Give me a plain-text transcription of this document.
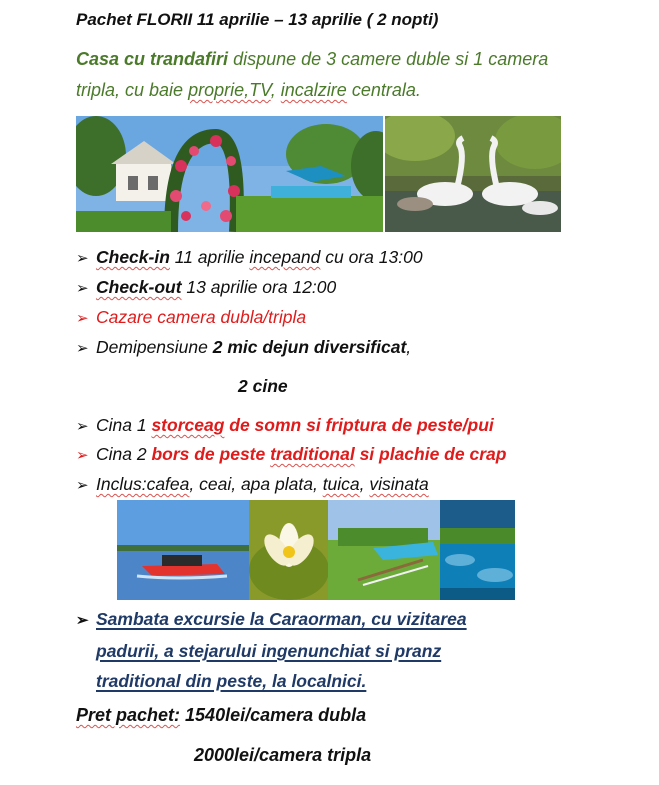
Pachet FLORII 11 aprilie – 13 aprilie ( 2 nopti)
Casa cu trandafiri dispune de 3 camere duble si 1 camera tripla, cu baie proprie,TV, incalzire centrala.
➢ Check-in 11 aprilie incepand cu ora 13:00
➢ Check-out 13 aprilie ora 12:00
➢ Cazare camera dubla/tripla
➢ Demipensiune 2 mic dejun diversificat,
2 cine
➢ Cina 1 storceag de somn si friptura de peste/pui
➢ Cina 2 bors de peste traditional si plachie de crap
➢ Inclus:cafea, ceai, apa plata, tuica, visinata
➢ Sambata excursie la Caraorman, cu vizitarea
padurii, a stejarului ingenunchiat si pranz
traditional din peste, la localnici.
Pret pachet: 1540lei/camera dubla
2000lei/camera tripla
